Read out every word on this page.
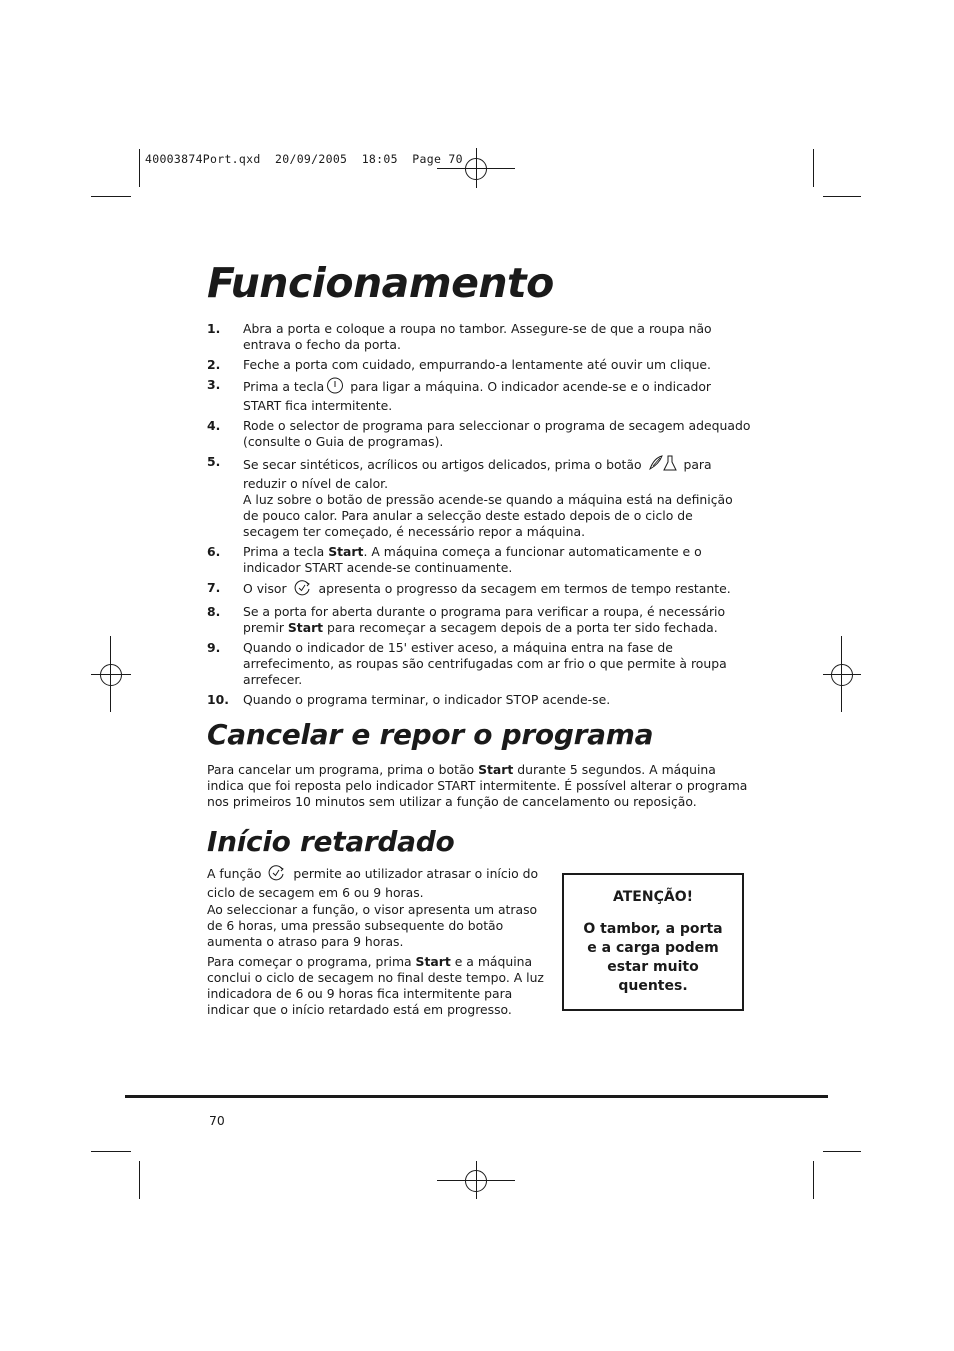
40003874Port.qxd  20/09/2005  18:05  Page 70
Funcionamento
1.	Abra a porta e coloque a roupa no tambor. Assegure-se de que a roupa não entrava o fecho da porta.
2.	Feche a porta com cuidado, empurrando-a lentamente até ouvir um clique.
3.	Prima a tecla para ligar a máquina. O indicador acende-se e o indicador START fica intermitente.
4.	Rode o selector de programa para seleccionar o programa de secagem adequado (consulte o Guia de programas).
5.	Se secar sintéticos, acrílicos ou artigos delicados, prima o botão	para reduzir o nível de calor.
A luz sobre o botão de pressão acende-se quando a máquina está na definição de pouco calor. Para anular a selecção deste estado depois de o ciclo de secagem ter começado, é necessário repor a máquina.
6.	Prima a tecla Start. A máquina começa a funcionar automaticamente e o indicador START acende-se continuamente.
7.	O visor  apresenta o progresso da secagem em termos de tempo restante.
8.	Se a porta for aberta durante o programa para verificar a roupa, é necessário premir Start para recomeçar a secagem depois de a porta ter sido fechada.
9.	Quando o indicador de 15' estiver aceso, a máquina entra na fase de arrefecimento, as roupas são centrifugadas com ar frio o que permite à roupa arrefecer.
10.	Quando o programa terminar, o indicador STOP acende-se.
Cancelar e repor o programa

Para cancelar um programa, prima o botão Start durante 5 segundos. A máquina indica que foi reposta pelo indicador START intermitente. É possível alterar o programa nos primeiros 10 minutos sem utilizar a função de cancelamento ou reposição.

Início retardado

A função  permite ao utilizador atrasar o início do ciclo de secagem em 6 ou 9 horas.

Ao seleccionar a função, o visor apresenta um atraso de 6 horas, uma pressão subsequente do botão aumenta o atraso para 9 horas.

Para começar o programa, prima Start e a máquina conclui o ciclo de secagem no final deste tempo. A luz indicadora de 6 ou 9 horas fica intermitente para indicar que o início retardado está em progresso.

ATENÇÃO!
O tambor, a porta e a carga podem estar muito quentes.
70
